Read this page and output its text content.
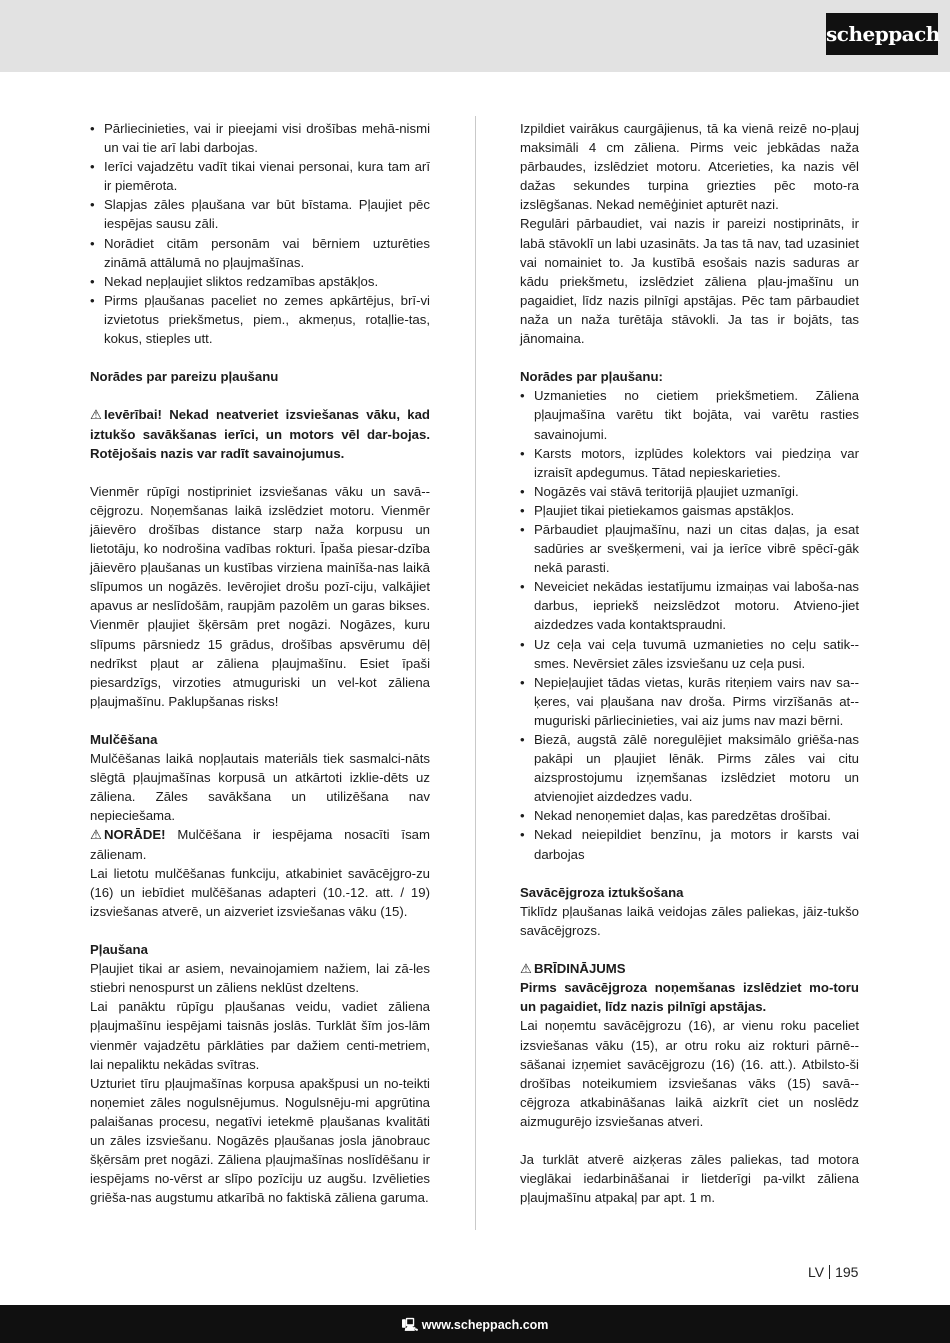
scheppach
• Pārliecinieties, vai ir pieejami visi drošības mehā-nismi un vai tie arī labi darbojas.
• Ierīci vajadzētu vadīt tikai vienai personai, kura tam arī ir piemērota.
• Slapjas zāles pļaušana var būt bīstama. Pļaujiet pēc iespējas sausu zāli.
• Norādiet citām personām vai bērniem uzturēties zināmā attālumā no pļaujmašīnas.
• Nekad nepļaujiet sliktos redzamības apstākļos.
• Pirms pļaušanas paceliet no zemes apkārtējus, brī-vi izvietotus priekšmetus, piem., akmeņus, rotaļlie-tas, kokus, stieples utt.

Norādes par pareizu pļaušanu

⚠ Ievērībai! Nekad neatveriet izsviešanas vāku, kad iztukšo savākšanas ierīci, un motors vēl dar-bojas. Rotējošais nazis var radīt savainojumus.

Vienmēr rūpīgi nostipriniet izsviešanas vāku un savā-cējgrozu. Noņemšanas laikā izslēdziet motoru. Vienmēr jāievēro drošības distance starp naža korpusu un lietotāju, ko nodrošina vadības rokturi. Īpaša piesar-dzība jāievēro pļaušanas un kustības virziena mainīša-nas laikā slīpumos un nogāzēs. Ievērojiet drošu pozī-ciju, valkājiet apavus ar neslīdošām, raupjām pazolēm un garas bikses. Vienmēr pļaujiet šķērsām pret nogāzi. Nogāzes, kuru slīpums pārsniedz 15 grādus, drošības apsvērumu dēļ nedrīkst pļaut ar zāliena pļaujmašīnu. Esiet īpaši piesardzīgs, virzoties atmuguriski un vel-kot zāliena pļaujmašīnu. Paklupšanas risks!

Mulčēšana

Mulčēšanas laikā nopļautais materiāls tiek sasmalci-nāts slēgtā pļaujmašīnas korpusā un atkārtoti izklie-dēts uz zāliena. Zāles savākšana un utilizēšana nav nepieciešama.

⚠ NORĀDE! Mulčēšana ir iespējama nosacīti īsam zālienam.

Lai lietotu mulčēšanas funkciju, atkabiniet savācējgro-zu (16) un iebīdiet mulčēšanas adapteri (10.-12. att. / 19) izsviešanas atverē, un aizveriet izsviešanas vāku (15).

Pļaušana

Pļaujiet tikai ar asiem, nevainojamiem nažiem, lai zā-les stiebri nenospurst un zāliens neklūst dzeltens.

Lai panāktu rūpīgu pļaušanas veidu, vadiet zāliena pļaujmašīnu iespējami taisnās joslās. Turklāt šīm jos-lām vienmēr vajadzētu pārklāties par dažiem centi-metriem, lai nepaliktu nekādas svītras.

Uzturiet tīru pļaujmašīnas korpusa apakšpusi un no-teikti noņemiet zāles nogulsnējumus. Nogulsnēju-mi apgrūtina palaišanas procesu, negatīvi ietekmē pļaušanas kvalitāti un zāles izsviešanu. Nogāzēs pļaušanas josla jānobrauc šķērsām pret nogāzi. Zāliena pļaujmašīnas noslīdēšanu ir iespējams no-vērst ar slīpo pozīciju uz augšu. Izvēlieties griēša-nas augstumu atkarībā no faktiskā zāliena garuma.

Izpildiet vairākus caurgājienus, tā ka vienā reizē no-pļauj maksimāli 4 cm zāliena. Pirms veic jebkādas naža pārbaudes, izslēdziet motoru. Atcerieties, ka nazis vēl dažas sekundes turpina griezties pēc moto-ra izslēgšanas. Nekad nemēģiniet apturēt nazi.

Regulāri pārbaudiet, vai nazis ir pareizi nostiprināts, ir labā stāvoklī un labi uzasināts. Ja tas tā nav, tad uzasiniet vai nomainiet to. Ja kustībā esošais nazis saduras ar kādu priekšmetu, izslēdziet zāliena pļau-jmašīnu un pagaidiet, līdz nazis pilnīgi apstājas. Pēc tam pārbaudiet naža un naža turētāja stāvokli. Ja tas ir bojāts, tas jānomaina.

Norādes par pļaušanu:

• Uzmanieties no cietiem priekšmetiem. Zāliena pļaujmašīna varētu tikt bojāta, vai varētu rasties savainojumi.
• Karsts motors, izplūdes kolektors vai piedziņa var izraisīt apdegumus. Tātad nepieskarieties.
• Nogāzēs vai stāvā teritorijā pļaujiet uzmanīgi.
• Pļaujiet tikai pietiekamos gaismas apstākļos.
• Pārbaudiet pļaujmašīnu, nazi un citas daļas, ja esat sadūries ar svešķermeni, vai ja ierīce vibrē spēcī-gāk nekā parasti.
• Neveiciet nekādas iestatījumu izmaiņas vai laboša-nas darbus, iepriekš neizslēdzot motoru. Atvieno-jiet aizdedzes vada kontaktspraudni.
• Uz ceļa vai ceļa tuvumā uzmanieties no ceļu satik-smes. Nevērsiet zāles izsviešanu uz ceļa pusi.
• Nepieļaujiet tādas vietas, kurās riteņiem vairs nav sa-ķeres, vai pļaušana nav droša. Pirms virzīšanās at-muguriski pārliecinieties, vai aiz jums nav mazi bērni.
• Biezā, augstā zālē noregulējiet maksimālo griēša-nas pakāpi un pļaujiet lēnāk. Pirms zāles vai citu aizsprostojumu izņemšanas izslēdziet motoru un atvienojiet aizdedzes vadu.
• Nekad nenoņemiet daļas, kas paredzētas drošībai.
• Nekad neiepildiet benzīnu, ja motors ir karsts vai darbojas

Savācējgroza iztukšošana

Tiklīdz pļaušanas laikā veidojas zāles paliekas, jāiz-tukšo savācējgrozs.

⚠ BRĪDINĀJUMS

Pirms savācējgroza noņemšanas izslēdziet mo-toru un pagaidiet, līdz nazis pilnīgi apstājas.

Lai noņemtu savācējgrozu (16), ar vienu roku paceliet izsviešanas vāku (15), ar otru roku aiz rokturi pārnē-sāšanai izņemiet savācējgrozu (16) (16. att.). Atbilsto-ši drošības noteikumiem izsviešanas vāks (15) savā-cējgroza atkabināšanas laikā aizkrīt ciet un noslēdz aizmugurējo izsviešanas atveri.

Ja turklāt atverē aizķeras zāles paliekas, tad motora vieglākai iedarbināšanai ir lietderīgi pa-vilkt zāliena pļaujmašīnu atpakaļ par apt. 1 m.

LV 195
🖳 www.scheppach.com
